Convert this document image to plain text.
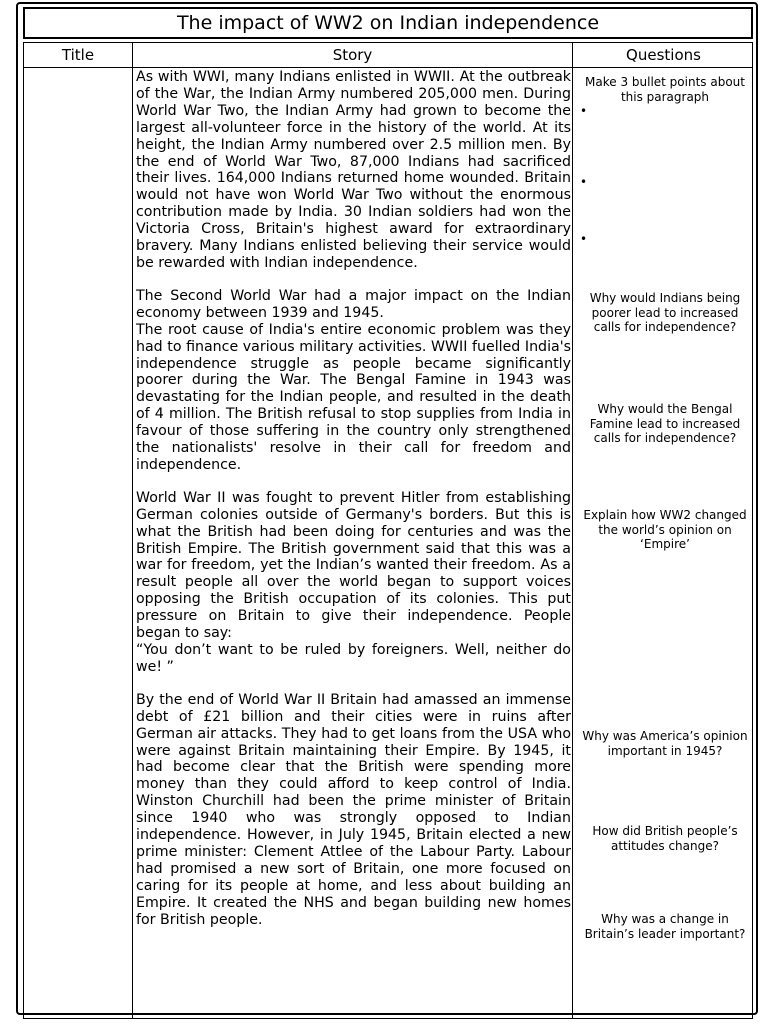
The impact of WW2 on Indian independence
Title	Story	Questions

As with WWI, many Indians enlisted in WWII. At the outbreak of the War, the Indian Army numbered 205,000 men. During World War Two, the Indian Army had grown to become the largest all-volunteer force in the history of the world. At its height, the Indian Army numbered over 2.5 million men. By the end of World War Two, 87,000 Indians had sacrificed their lives. 164,000 Indians returned home wounded. Britain would not have won World War Two without the enormous contribution made by India. 30 Indian soldiers had won the Victoria Cross, Britain's highest award for extraordinary bravery. Many Indians enlisted believing their service would be rewarded with Indian independence.

The Second World War had a major impact on the Indian economy between 1939 and 1945.

The root cause of India's entire economic problem was they had to finance various military activities. WWII fuelled India's independence struggle as people became significantly poorer during the War. The Bengal Famine in 1943 was devastating for the Indian people, and resulted in the death of 4 million. The British refusal to stop supplies from India in favour of those suffering in the country only strengthened the nationalists' resolve in their call for freedom and independence.

World War II was fought to prevent Hitler from establishing German colonies outside of Germany's borders. But this is what the British had been doing for centuries and was the British Empire. The British government said that this was a war for freedom, yet the Indian’s wanted their freedom. As a result people all over the world began to support voices opposing the British occupation of its colonies. This put pressure on Britain to give their independence. People began to say:

“You don’t want to be ruled by foreigners. Well, neither do we! ”

By the end of World War II Britain had amassed an immense debt of £21 billion and their cities were in ruins after German air attacks. They had to get loans from the USA who were against Britain maintaining their Empire. By 1945, it had become clear that the British were spending more money than they could afford to keep control of India. Winston Churchill had been the prime minister of Britain since 1940 who was strongly opposed to Indian independence. However, in July 1945, Britain elected a new prime minister: Clement Attlee of the Labour Party. Labour had promised a new sort of Britain, one more focused on caring for its people at home, and less about building an Empire. It created the NHS and began building new homes for British people.

Make 3 bullet points about this paragraph
•
•
•
Why would Indians being poorer lead to increased calls for independence?
Why would the Bengal Famine lead to increased calls for independence?
Explain how WW2 changed the world’s opinion on ‘Empire’
Why was America’s opinion important in 1945?
How did British people’s attitudes change?
Why was a change in Britain’s leader important?
